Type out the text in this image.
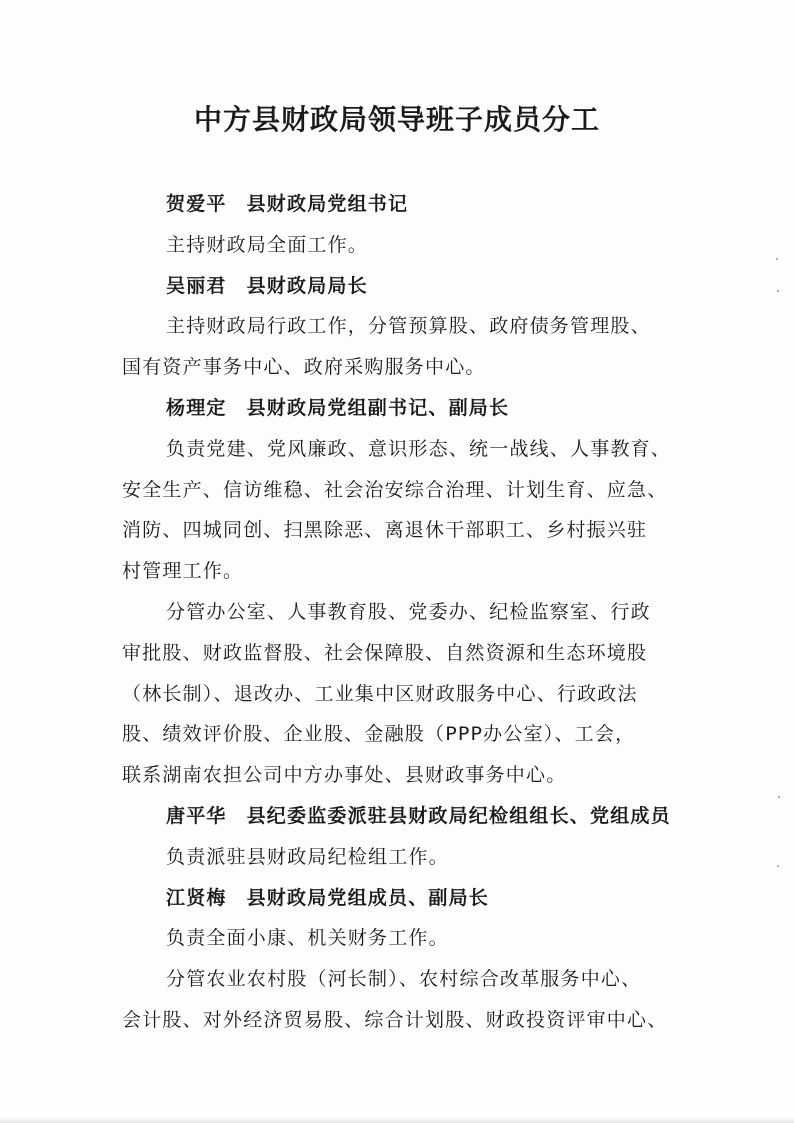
中方县财政局领导班子成员分工
贺爱平 县财政局党组书记
主持财政局全面工作。
吴丽君 县财政局局长
主持财政局行政工作，分管预算股、政府债务管理股、
国有资产事务中心、政府采购服务中心。
杨理定 县财政局党组副书记、副局长
负责党建、党风廉政、意识形态、统一战线、人事教育、
安全生产、信访维稳、社会治安综合治理、计划生育、应急、
消防、四城同创、扫黑除恶、离退休干部职工、乡村振兴驻
村管理工作。
分管办公室、人事教育股、党委办、纪检监察室、行政
审批股、财政监督股、社会保障股、自然资源和生态环境股
（林长制）、退改办、工业集中区财政服务中心、行政政法
股、绩效评价股、企业股、金融股（PPP办公室）、工会，
联系湖南农担公司中方办事处、县财政事务中心。
唐平华 县纪委监委派驻县财政局纪检组组长、党组成员
负责派驻县财政局纪检组工作。
江贤梅 县财政局党组成员、副局长
负责全面小康、机关财务工作。
分管农业农村股（河长制）、农村综合改革服务中心、
会计股、对外经济贸易股、综合计划股、财政投资评审中心、
